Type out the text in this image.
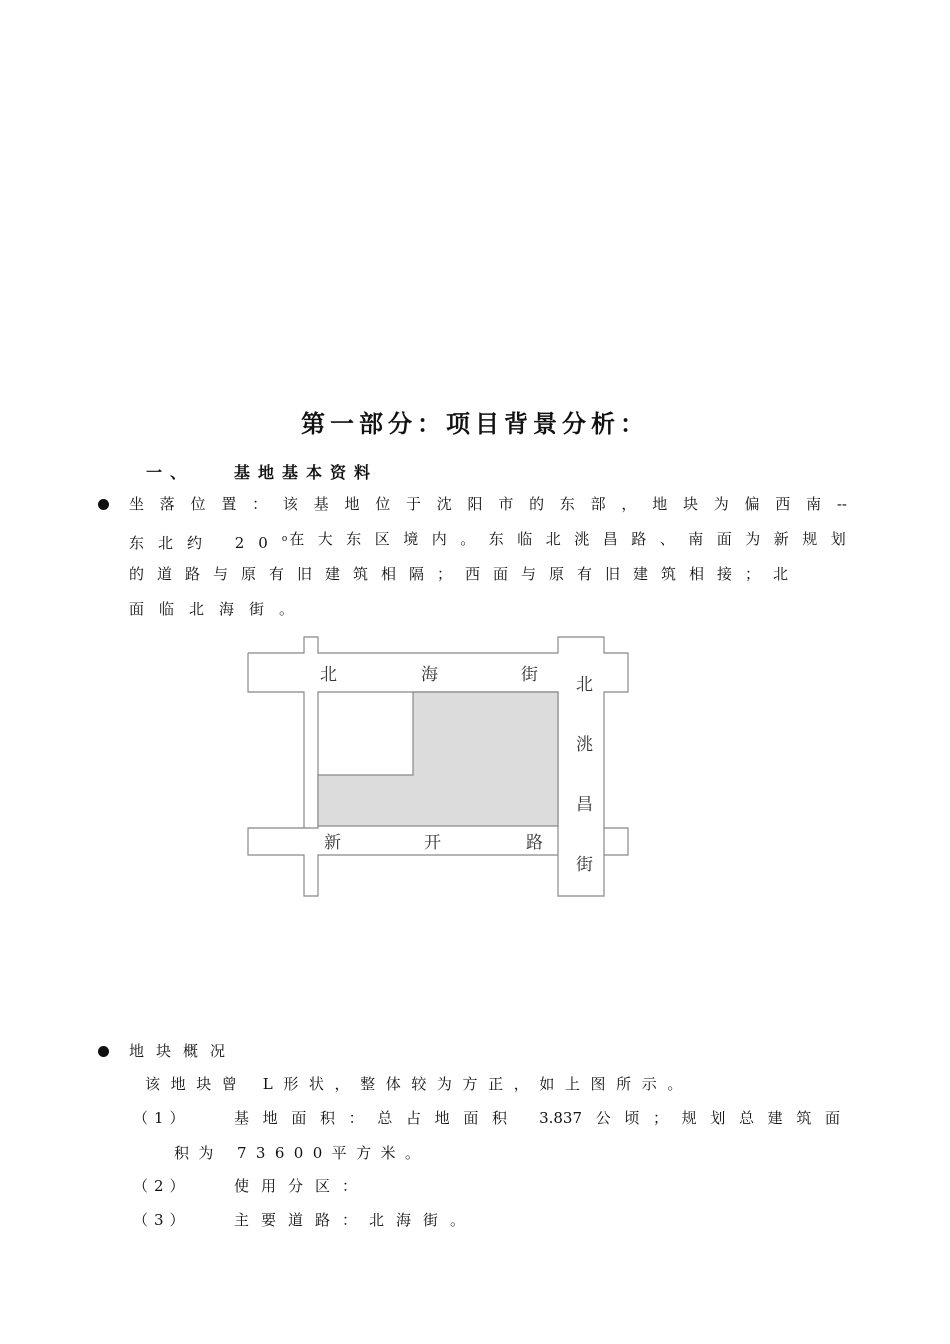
第一部分：项目背景分析：
一、 基地基本资料
坐落位置：该基地位于沈阳市的东部，地块为偏西南--
东北约 20$^o$ 在大东区境内。东临北洮昌路、南面为新规划
的道路与原有旧建筑相隔；西面与原有旧建筑相接；北
面临北海街。
北	海	街 北
洮
昌
街
新	开	路
地块概况
该地块曾 L形状，整体较为方正，如上图所示。
（1）	基地面积：总占地面积 3.837公顷；规划总建筑面
积为 73600平方米。
（2）	使用分区：
（3）	主要道路：北海街。
